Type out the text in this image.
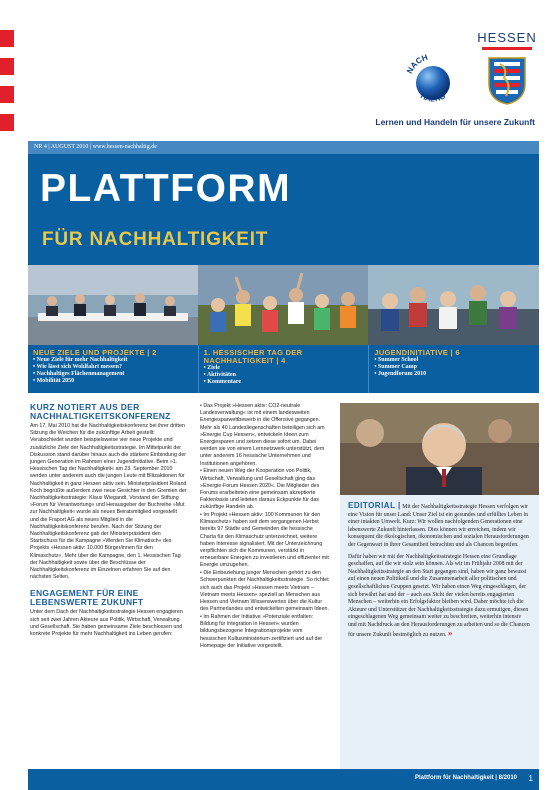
NACH
HALTIG
HESSEN
Lernen und Handeln für unsere Zukunft
NR 4 | AUGUST 2010 | www.hessen-nachhaltig.de
PLATTFORM
FÜR NACHHALTIGKEIT
NEUE ZIELE UND PROJEKTE | 2
• Neue Ziele für mehr Nachhaltigkeit
• Wie lässt sich Wohlfahrt messen?
• Nachhaltiges Flächenmanagement
• Mobilität 2050
1. HESSISCHER TAG DER NACHHALTIGKEIT | 4
• Ziele
• Aktivitäten
• Kommentare
JUGENDINITIATIVE | 6
• Summer School
• Summer Camp
• Jugendforum 2010
KURZ NOTIERT AUS DER NACHHALTIGKEITSKONFERENZ

Am 17. Mai 2010 hat die Nachhaltigkeitskonferenz bei ihrer dritten Sitzung die Weichen für die zukünftige Arbeit gestellt: Verabschiedet wurden beispielsweise vier neue Projekte und zusätzliche Ziele der Nachhaltigkeitsstrategie. Im Mittelpunkt der Diskussion stand darüber hinaus auch die stärkere Einbindung der jungen Generation im Rahmen einer Jugendinitiative. Beim »1. Hessischen Tag der Nachhaltigkeit« am 23. September 2010 werden unter anderem auch die jungen Leute mit Blitzaktionen für Nachhaltigkeit in ganz Hessen aktiv sein. Ministerpräsident Roland Koch begrüßte außerdem zwei neue Gesichter in den Gremien der Nachhaltigkeitsstrategie: Klaus Wiegandt, Vorstand der Stiftung »Forum für Verantwortung« und Herausgeber der Buchreihe »Mut zur Nachhaltigkeit« wurde als neues Beiratsmitglied vorgestellt und die Fraport AG als neues Mitglied in die Nachhaltigkeitskonferenz berufen. Nach der Sitzung der Nachhaltigkeitskonferenz gab der Ministerpräsident den Startschuss für die Kampagne »Werden Sie Klimatisch« des Projekts »Hessen aktiv: 10.000 Bürger/innen für den Klimaschutz«. Mehr über die Kampagne, den 1. Hessischen Tag der Nachhaltigkeit sowie über die Beschlüsse der Nachhaltigkeitskonferenz im Einzelnen erfahren Sie auf den nächsten Seiten.

ENGAGEMENT FÜR EINE LEBENSWERTE ZUKUNFT

Unter dem Dach der Nachhaltigkeitsstrategie Hessen engagieren sich seit zwei Jahren Akteure aus Politik, Wirtschaft, Verwaltung und Gesellschaft. Sie haben gemeinsame Ziele beschlossen und konkrete Projekte für mehr Nachhaltigkeit ins Leben gerufen:

• Das Projekt »Hessen aktiv: CO2-neutrale Landesverwaltung« ist mit einem landesweiten Energiesparwettbewerb in die Offensive gegangen. Mehr als 40 Landesliegenschaften beteiligen sich am »Energie Cup Hessen«, entwickeln Ideen zum Energiesparen und setzen diese sofort um. Dabei werden sie von einem Lernnetzwerk unterstützt, dem unter anderem 16 hessische Unternehmen und Institutionen angehören.

• Einen neuen Weg der Kooperation von Politik, Wirtschaft, Verwaltung und Gesellschaft ging das »Energie-Forum Hessen 2020«. Die Mitglieder des Forums erarbeiteten eine gemeinsam akzeptierte Faktenbasis und leiteten daraus Eckpunkte für das zukünftige Handeln ab.

• Im Projekt »Hessen aktiv: 100 Kommunen für den Klimaschutz« haben seit dem vergangenen Herbst bereits 97 Städte und Gemeinden die hessische Charta für den Klimaschutz unterzeichnet, weitere haben Interesse signalisiert. Mit der Unterzeichnung verpflichten sich die Kommunen, verstärkt in erneuerbare Energien zu investieren und effizienter mit Energie umzugehen.

• Die Einbeziehung junger Menschen gehört zu den Schwerpunkten der Nachhaltigkeitsstrategie. So richtet sich auch das Projekt »Hessen meets Vietnam – Vietnam meets Hessen« speziell an Menschen aus Hessen und Vietnam Wissenswertes über die Kultur des Partnerlandes und entwickelten gemeinsam Ideen.

• Im Rahmen der Initiative »Potenziale entfalten: Bildung für Integration in Hessen« wurden bildungsbezogene Integrationsprojekte vom hessischen Kultusministerium zertifiziert und auf der Homepage der Initiative vorgestellt.

EDITORIAL | Mit der Nachhaltigkeitsstrategie Hessen verfolgen wir eine Vision für unser Land: Unser Ziel ist ein gesundes und erfülltes Leben in einer intakten Umwelt. Kurz: Wir wollen nachfolgenden Generationen eine lebenswerte Zukunft hinterlassen. Dies können wir erreichen, indem wir konsequent die ökologischen, ökonomischen und sozialen Herausforderungen der Gegenwart in ihrer Gesamtheit betrachten und als Chancen begreifen.

Dafür haben wir mit der Nachhaltigkeitsstrategie Hessen eine Grundlage geschaffen, auf die wir stolz sein können. Als wir im Frühjahr 2008 mit der Nachhaltigkeitsstrategie an den Start gegangen sind, haben wir ganz bewusst auf einen neuen Politikstil und die Zusammenarbeit aller politischen und gesellschaftlichen Gruppen gesetzt. Wir haben einen Weg eingeschlagen, der sich bewährt hat und der – auch aus Sicht der vielen bereits engagierten Menschen – weiterhin ein Erfolgsfaktor bleiben wird. Daher möchte ich die Akteure und Unterstützer der Nachhaltigkeitsstrategie dazu ermutigen, diesen eingeschlagenen Weg gemeinsam weiter zu beschreiten, weiterhin intensiv und mit Nachdruck an den Herausforderungen zu arbeiten und so die Chancen für unsere Zukunft bestmöglich zu nutzen. »

Plattform für Nachhaltigkeit | 8/2010 1
